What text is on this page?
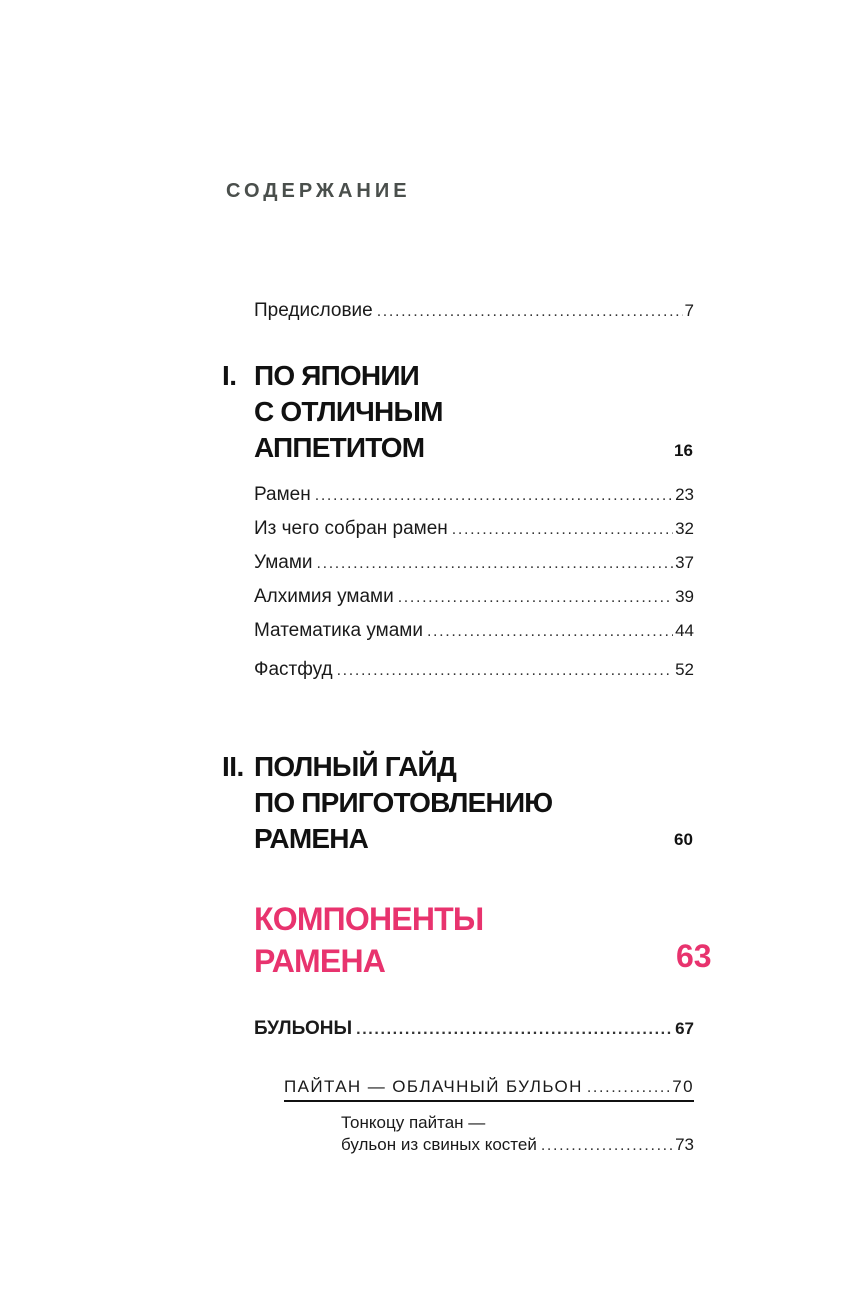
СОДЕРЖАНИЕ
Предисловие . . .	7
I. ПО ЯПОНИИ
С ОТЛИЧНЫМ
АППЕТИТОМ	16
Рамен . . .	23
Из чего собран рамен . . .	32
Умами . . .	37
Алхимия умами . . .	39
Математика умами . . .	44
Фастфуд . . .	52
II. ПОЛНЫЙ ГАЙД
ПО ПРИГОТОВЛЕНИЮ
РАМЕНА	60
КОМПОНЕНТЫ
РАМЕНА	63
БУЛЬОНЫ . . .	67
ПАЙТАН — ОБЛАЧНЫЙ БУЛЬОН . . .	70
Тонкоцу пайтан —
бульон из свиных костей . . .	73
